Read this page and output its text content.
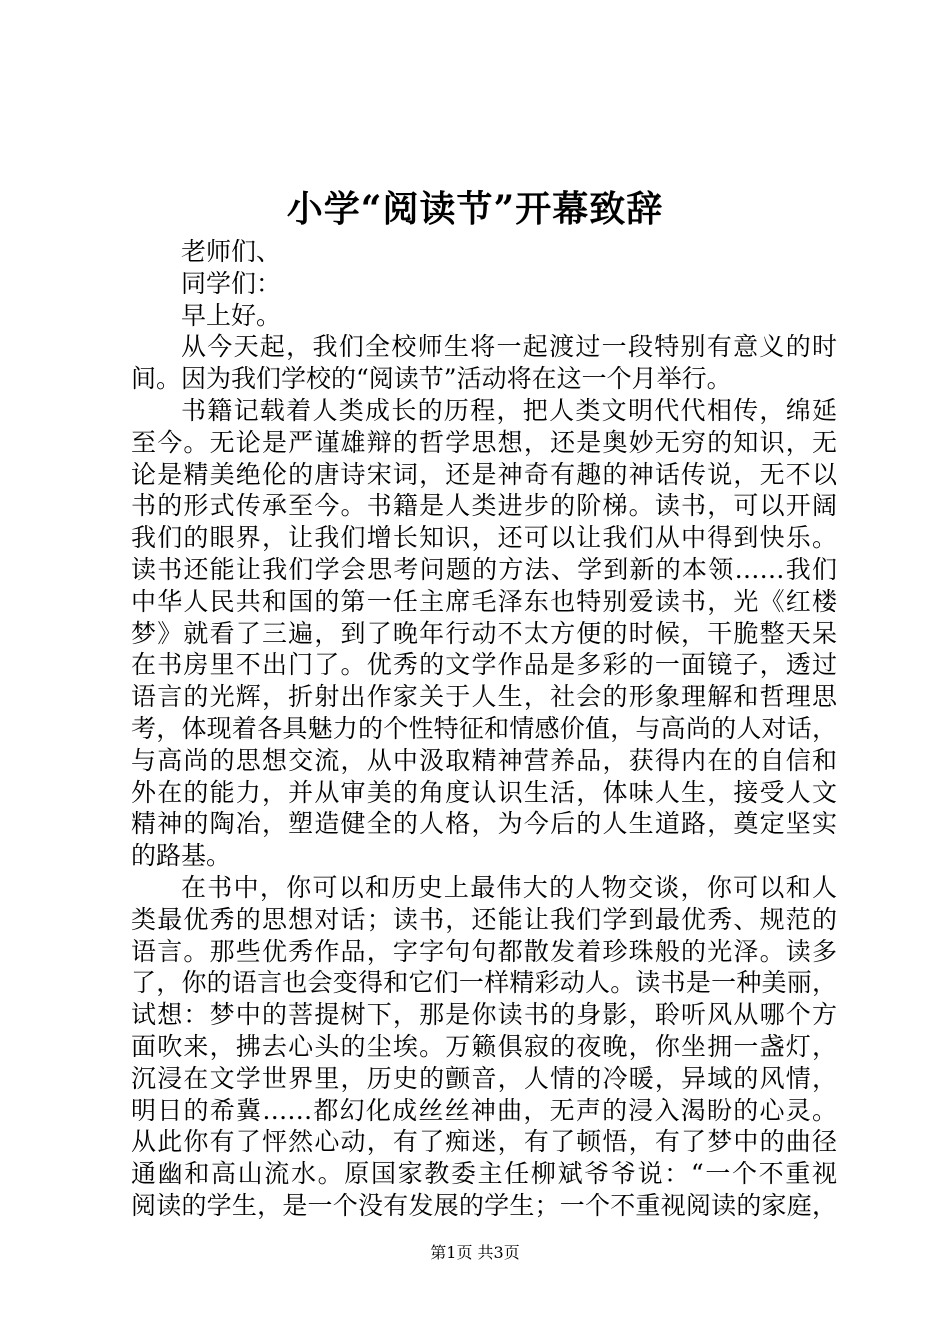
小学“阅读节”开幕致辞
老师们、
同学们：
早上好。
从今天起，我们全校师生将一起渡过一段特别有意义的时
间。因为我们学校的“阅读节”活动将在这一个月举行。
书籍记载着人类成长的历程，把人类文明代代相传，绵延
至今。无论是严谨雄辩的哲学思想，还是奥妙无穷的知识，无
论是精美绝伦的唐诗宋词，还是神奇有趣的神话传说，无不以
书的形式传承至今。书籍是人类进步的阶梯。读书，可以开阔
我们的眼界，让我们增长知识，还可以让我们从中得到快乐。
读书还能让我们学会思考问题的方法、学到新的本领……我们
中华人民共和国的第一任主席毛泽东也特别爱读书，光《红楼
梦》就看了三遍，到了晚年行动不太方便的时候，干脆整天呆
在书房里不出门了。优秀的文学作品是多彩的一面镜子，透过
语言的光辉，折射出作家关于人生，社会的形象理解和哲理思
考，体现着各具魅力的个性特征和情感价值，与高尚的人对话，
与高尚的思想交流，从中汲取精神营养品，获得内在的自信和
外在的能力，并从审美的角度认识生活，体味人生，接受人文
精神的陶冶，塑造健全的人格，为今后的人生道路，奠定坚实
的路基。
在书中，你可以和历史上最伟大的人物交谈，你可以和人
类最优秀的思想对话；读书，还能让我们学到最优秀、规范的
语言。那些优秀作品，字字句句都散发着珍珠般的光泽。读多
了，你的语言也会变得和它们一样精彩动人。读书是一种美丽，
试想：梦中的菩提树下，那是你读书的身影，聆听风从哪个方
面吹来，拂去心头的尘埃。万籁俱寂的夜晚，你坐拥一盏灯，
沉浸在文学世界里，历史的颤音，人情的冷暖，异域的风情，
明日的希冀……都幻化成丝丝神曲，无声的浸入渴盼的心灵。
从此你有了怦然心动，有了痴迷，有了顿悟，有了梦中的曲径
通幽和高山流水。原国家教委主任柳斌爷爷说：“一个不重视
阅读的学生，是一个没有发展的学生；一个不重视阅读的家庭，
第1页 共3页
